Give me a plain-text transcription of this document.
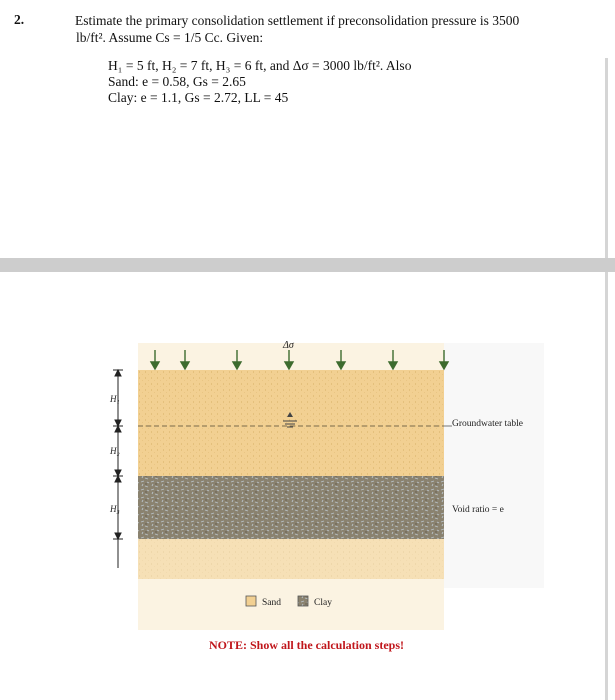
2.	Estimate the primary consolidation settlement if preconsolidation pressure is 3500
lb/ft². Assume Cs = 1/5 Cc. Given:
H₁ = 5 ft, H₂ = 7 ft, H₃ = 6 ft, and Δσ = 3000 lb/ft². Also
Sand: e = 0.58, Gs = 2.65
Clay: e = 1.1, Gs = 2.72, LL = 45
Δσ
H₁
H₂
H₃
Groundwater table
Void ratio = e
Sand	Clay
NOTE: Show all the calculation steps!
